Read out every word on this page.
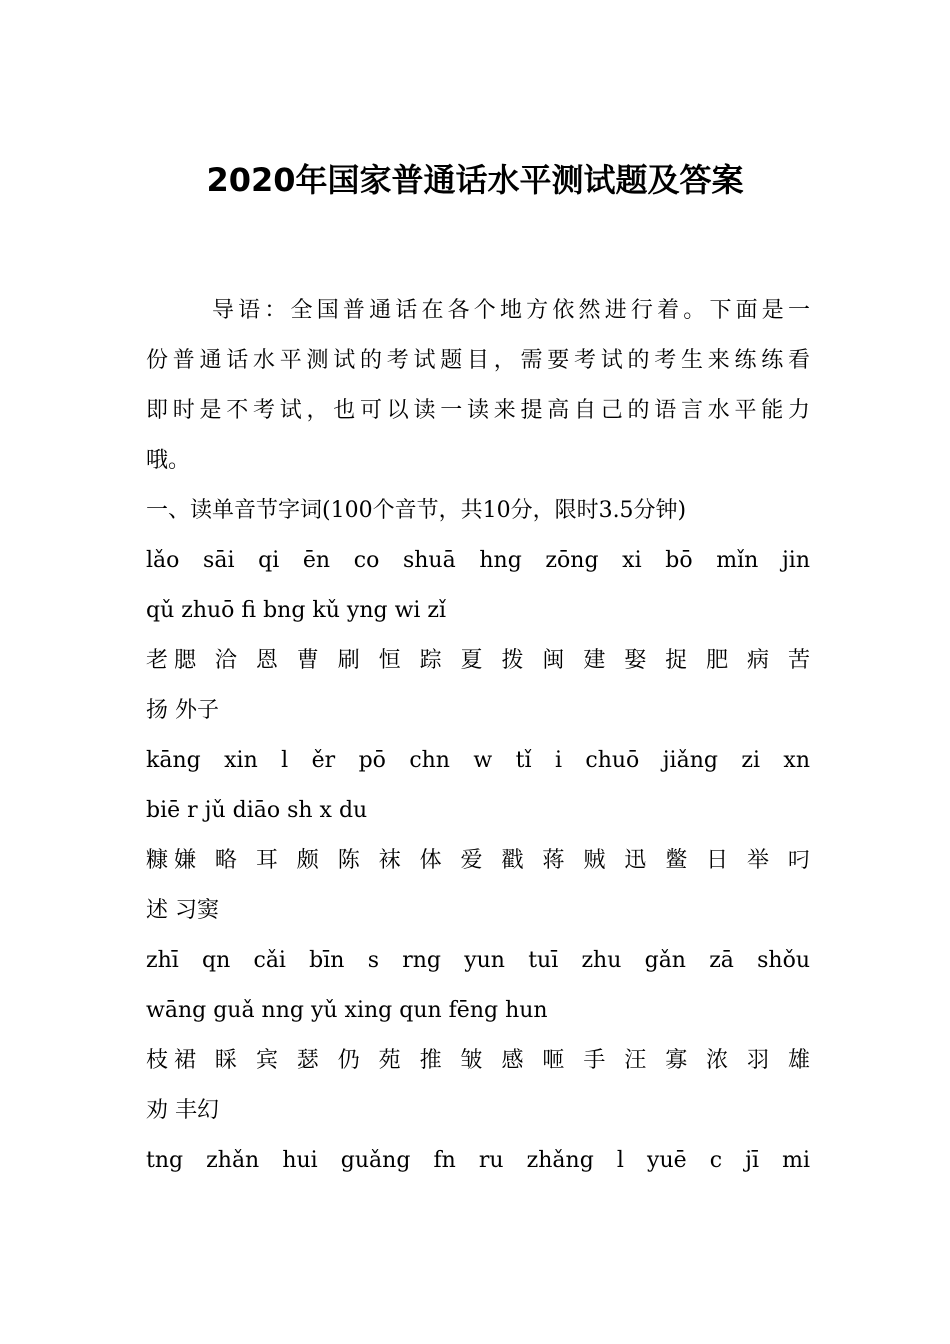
2020年国家普通话水平测试题及答案
导语：全国普通话在各个地方依然进行着。下面是一
份普通话水平测试的考试题目，需要考试的考生来练练看
即时是不考试，也可以读一读来提高自己的语言水平能力
哦。
一、读单音节字词(100个音节，共10分，限时3.5分钟)
lǎo sāi qi ēn co shuā hng zōng xi bō mǐn jin
qǔ zhuō fi bng kǔ yng wi zǐ
老腮 洽 恩 曹 刷 恒 踪 夏 拨 闽 建 娶 捉 肥 病 苦
扬 外子
kāng xin l ěr pō chn w tǐ i chuō jiǎng zi xn
biē r jǔ diāo sh x du
糠嫌 略 耳 颇 陈 袜 体 爱 戳 蒋 贼 迅 鳖 日 举 叼
述 习窦
zhī qn cǎi bīn s rng yun tuī zhu gǎn zā shǒu
wāng guǎ nng yǔ xing qun fēng hun
枝裙 睬 宾 瑟 仍 苑 推 皱 感 咂 手 汪 寡 浓 羽 雄
劝 丰幻
tng zhǎn hui guǎng fn ru zhǎng l yuē c jī mi
